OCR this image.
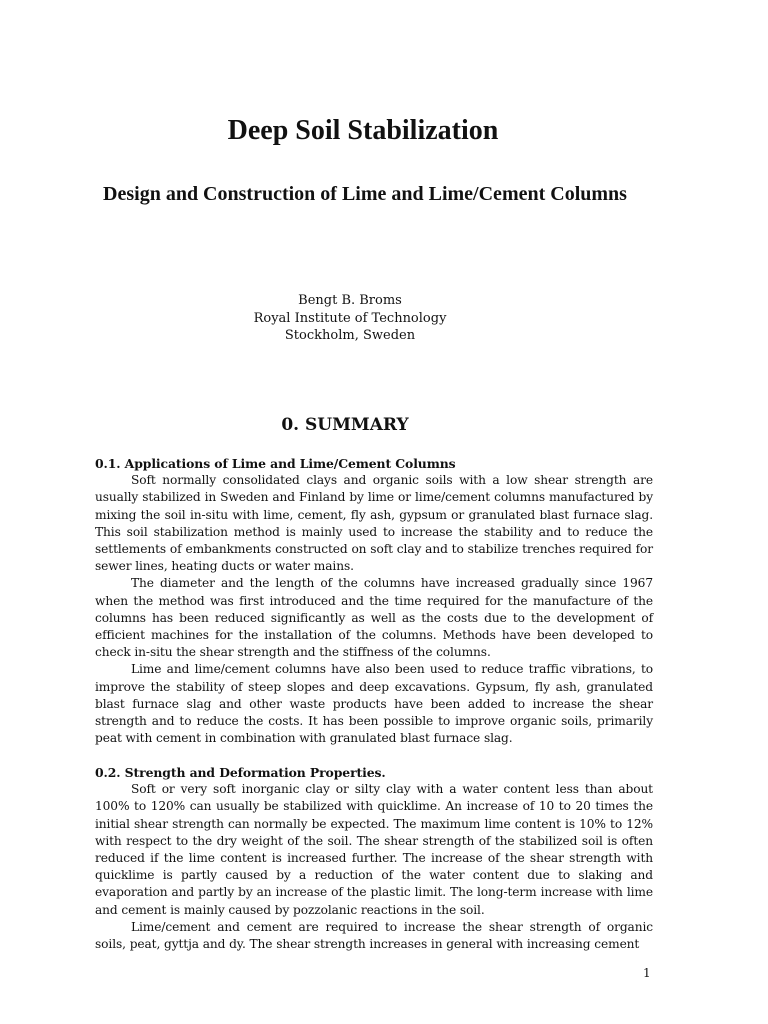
Deep Soil Stabilization
Design and Construction of Lime and Lime/Cement Columns
Bengt B. Broms
Royal Institute of Technology
Stockholm, Sweden
0. SUMMARY
0.1. Applications of Lime and Lime/Cement Columns

Soft normally consolidated clays and organic soils with a low shear strength are usually stabilized in Sweden and Finland by lime or lime/cement columns manufactured by mixing the soil in-situ with lime, cement, fly ash, gypsum or granulated blast furnace slag. This soil stabilization method is mainly used to increase the stability and to reduce the settlements of embankments constructed on soft clay and to stabilize trenches required for sewer lines, heating ducts or water mains.

The diameter and the length of the columns have increased gradually since 1967 when the method was first introduced and the time required for the manufacture of the columns has been reduced significantly as well as the costs due to the development of efficient machines for the installation of the columns. Methods have been developed to check in-situ the shear strength and the stiffness of the columns.

Lime and lime/cement columns have also been used to reduce traffic vibrations, to improve the stability of steep slopes and deep excavations. Gypsum, fly ash, granulated blast furnace slag and other waste products have been added to increase the shear strength and to reduce the costs. It has been possible to improve organic soils, primarily peat with cement in combination with granulated blast furnace slag.

0.2. Strength and Deformation Properties.

Soft or very soft inorganic clay or silty clay with a water content less than about 100% to 120% can usually be stabilized with quicklime. An increase of 10 to 20 times the initial shear strength can normally be expected. The maximum lime content is 10% to 12% with respect to the dry weight of the soil. The shear strength of the stabilized soil is often reduced if the lime content is increased further. The increase of the shear strength with quicklime is partly caused by a reduction of the water content due to slaking and evaporation and partly by an increase of the plastic limit. The long-term increase with lime and cement is mainly caused by pozzolanic reactions in the soil.

Lime/cement and cement are required to increase the shear strength of organic soils, peat, gyttja and dy. The shear strength increases in general with increasing cement

1
